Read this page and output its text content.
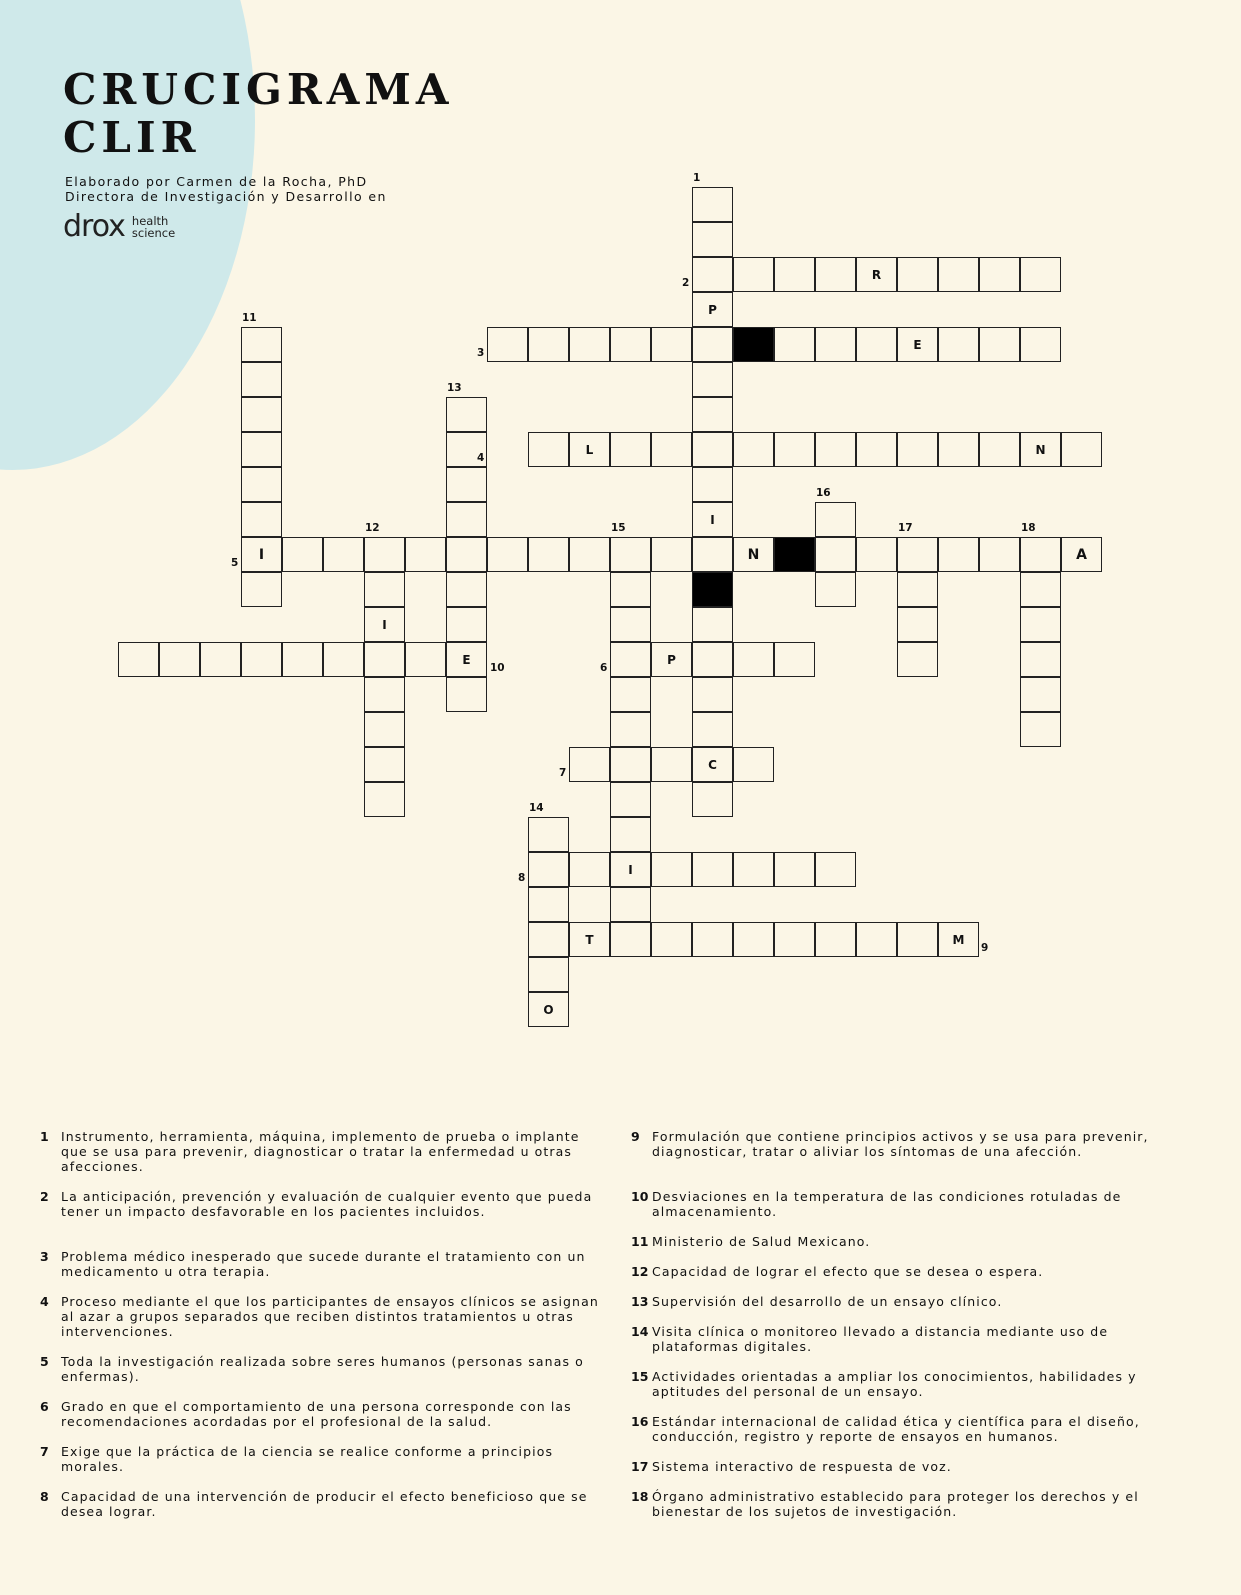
CRUCIGRAMA
CLIR
Elaborado por Carmen de la Rocha, PhD
Directora de Investigación y Desarrollo en
drox health
science
R
E
L	N
I	N	A
P
C
I
T	M
E
P
I
I
O
1
2
3
4
5
6
7
8
9
10
11
12
13
14
15
16
17	18
1 Instrumento, herramienta, máquina, implemento de prueba o implante que se usa para prevenir, diagnosticar o tratar la enfermedad u otras afecciones.
2 La anticipación, prevención y evaluación de cualquier evento que pueda tener un impacto desfavorable en los pacientes incluidos.
3 Problema médico inesperado que sucede durante el tratamiento con un medicamento u otra terapia.
4 Proceso mediante el que los participantes de ensayos clínicos se asignan al azar a grupos separados que reciben distintos tratamientos u otras intervenciones.
5 Toda la investigación realizada sobre seres humanos (personas sanas o enfermas).
6 Grado en que el comportamiento de una persona corresponde con las recomendaciones acordadas por el profesional de la salud.
7 Exige que la práctica de la ciencia se realice conforme a principios morales.
8 Capacidad de una intervención de producir el efecto beneficioso que se desea lograr.
9 Formulación que contiene principios activos y se usa para prevenir, diagnosticar, tratar o aliviar los síntomas de una afección.
10 Desviaciones en la temperatura de las condiciones rotuladas de almacenamiento.
11 Ministerio de Salud Mexicano.
12 Capacidad de lograr el efecto que se desea o espera.
13 Supervisión del desarrollo de un ensayo clínico.
14 Visita clínica o monitoreo llevado a distancia mediante uso de plataformas digitales.
15 Actividades orientadas a ampliar los conocimientos, habilidades y aptitudes del personal de un ensayo.
16 Estándar internacional de calidad ética y científica para el diseño, conducción, registro y reporte de ensayos en humanos.
17 Sistema interactivo de respuesta de voz.
18 Órgano administrativo establecido para proteger los derechos y el bienestar de los sujetos de investigación.
